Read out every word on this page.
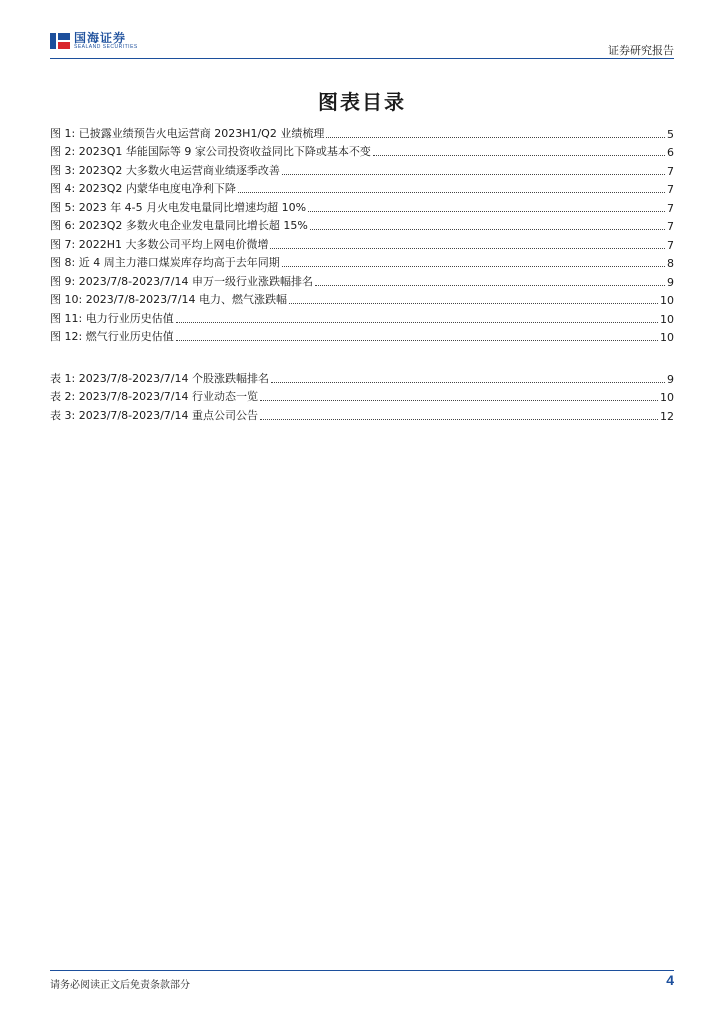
国海证券
SEALAND SECURITIES	证券研究报告
图表目录
图 1: 已披露业绩预告火电运营商 2023H1/Q2 业绩梳理	5
图 2: 2023Q1 华能国际等 9 家公司投资收益同比下降或基本不变	6
图 3: 2023Q2 大多数火电运营商业绩逐季改善	7
图 4: 2023Q2 内蒙华电度电净利下降	7
图 5: 2023 年 4-5 月火电发电量同比增速均超 10%	7
图 6: 2023Q2 多数火电企业发电量同比增长超 15%	7
图 7: 2022H1 大多数公司平均上网电价微增	7
图 8: 近 4 周主力港口煤炭库存均高于去年同期	8
图 9: 2023/7/8-2023/7/14 申万一级行业涨跌幅排名	9
图 10: 2023/7/8-2023/7/14 电力、燃气涨跌幅	10
图 11: 电力行业历史估值	10
图 12: 燃气行业历史估值	10
表 1: 2023/7/8-2023/7/14 个股涨跌幅排名	9
表 2: 2023/7/8-2023/7/14 行业动态一览	10
表 3: 2023/7/8-2023/7/14 重点公司公告	12
请务必阅读正文后免责条款部分	4
